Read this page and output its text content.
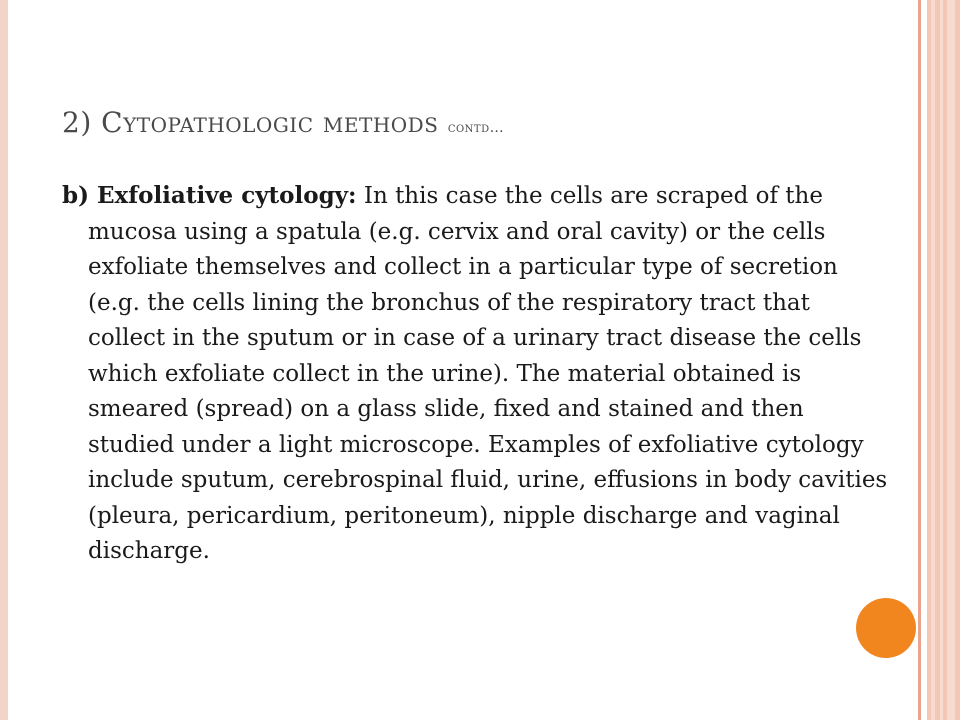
2) Cytopathologic methods contd…
b) Exfoliative cytology: In this case the cells are scraped of the mucosa using a spatula (e.g. cervix and oral cavity) or the cells exfoliate themselves and collect in a particular type of secretion (e.g. the cells lining the bronchus of the respiratory tract that collect in the sputum or in case of a urinary tract disease the cells which exfoliate collect in the urine). The material obtained is smeared (spread) on a glass slide, fixed and stained and then studied under a light microscope. Examples of exfoliative cytology include sputum, cerebrospinal fluid, urine, effusions in body cavities (pleura, pericardium, peritoneum), nipple discharge and vaginal discharge.
